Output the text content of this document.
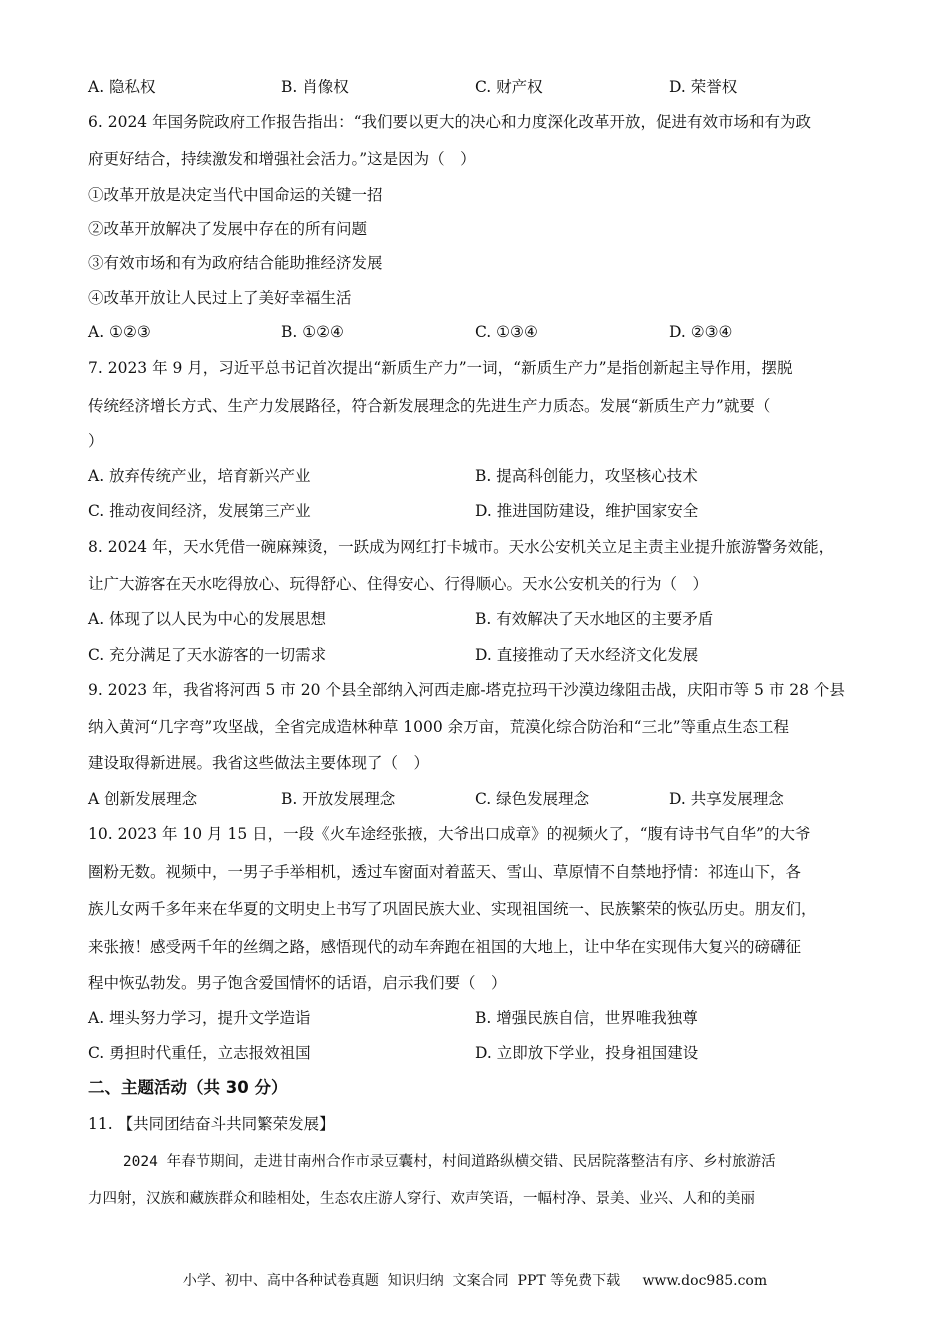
A. 隐私权	B. 肖像权	C. 财产权	D. 荣誉权
6. 2024 年国务院政府工作报告指出：“我们要以更大的决心和力度深化改革开放，促进有效市场和有为政
府更好结合，持续激发和增强社会活力。”这是因为（　）
①改革开放是决定当代中国命运的关键一招
②改革开放解决了发展中存在的所有问题
③有效市场和有为政府结合能助推经济发展
④改革开放让人民过上了美好幸福生活
A. ①②③	B. ①②④	C. ①③④	D. ②③④
7. 2023 年 9 月，习近平总书记首次提出“新质生产力”一词，“新质生产力”是指创新起主导作用，摆脱
传统经济增长方式、生产力发展路径，符合新发展理念的先进生产力质态。发展“新质生产力”就要（
）
A. 放弃传统产业，培育新兴产业	B. 提高科创能力，攻坚核心技术
C. 推动夜间经济，发展第三产业	D. 推进国防建设，维护国家安全
8. 2024 年，天水凭借一碗麻辣烫，一跃成为网红打卡城市。天水公安机关立足主责主业提升旅游警务效能，
让广大游客在天水吃得放心、玩得舒心、住得安心、行得顺心。天水公安机关的行为（　）
A. 体现了以人民为中心的发展思想	B. 有效解决了天水地区的主要矛盾
C. 充分满足了天水游客的一切需求	D. 直接推动了天水经济文化发展
9. 2023 年，我省将河西 5 市 20 个县全部纳入河西走廊-塔克拉玛干沙漠边缘阻击战，庆阳市等 5 市 28 个县
纳入黄河“几字弯”攻坚战，全省完成造林种草 1000 余万亩，荒漠化综合防治和“三北”等重点生态工程
建设取得新进展。我省这些做法主要体现了（　）
A 创新发展理念	B. 开放发展理念	C. 绿色发展理念	D. 共享发展理念
10. 2023 年 10 月 15 日，一段《火车途经张掖，大爷出口成章》的视频火了，“腹有诗书气自华”的大爷
圈粉无数。视频中，一男子手举相机，透过车窗面对着蓝天、雪山、草原情不自禁地抒情：祁连山下，各
族儿女两千多年来在华夏的文明史上书写了巩固民族大业、实现祖国统一、民族繁荣的恢弘历史。朋友们，
来张掖！感受两千年的丝绸之路，感悟现代的动车奔跑在祖国的大地上，让中华在实现伟大复兴的磅礴征
程中恢弘勃发。男子饱含爱国情怀的话语，启示我们要（　）
A. 埋头努力学习，提升文学造诣	B. 增强民族自信，世界唯我独尊
C. 勇担时代重任，立志报效祖国	D. 立即放下学业，投身祖国建设
二、主题活动（共 30 分）
11. 【共同团结奋斗共同繁荣发展】
2024 年春节期间，走进甘南州合作市录豆囊村，村间道路纵横交错、民居院落整洁有序、乡村旅游活
力四射，汉族和藏族群众和睦相处，生态农庄游人穿行、欢声笑语，一幅村净、景美、业兴、人和的美丽
小学、初中、高中各种试卷真题  知识归纳  文案合同  PPT 等免费下载     www.doc985.com
